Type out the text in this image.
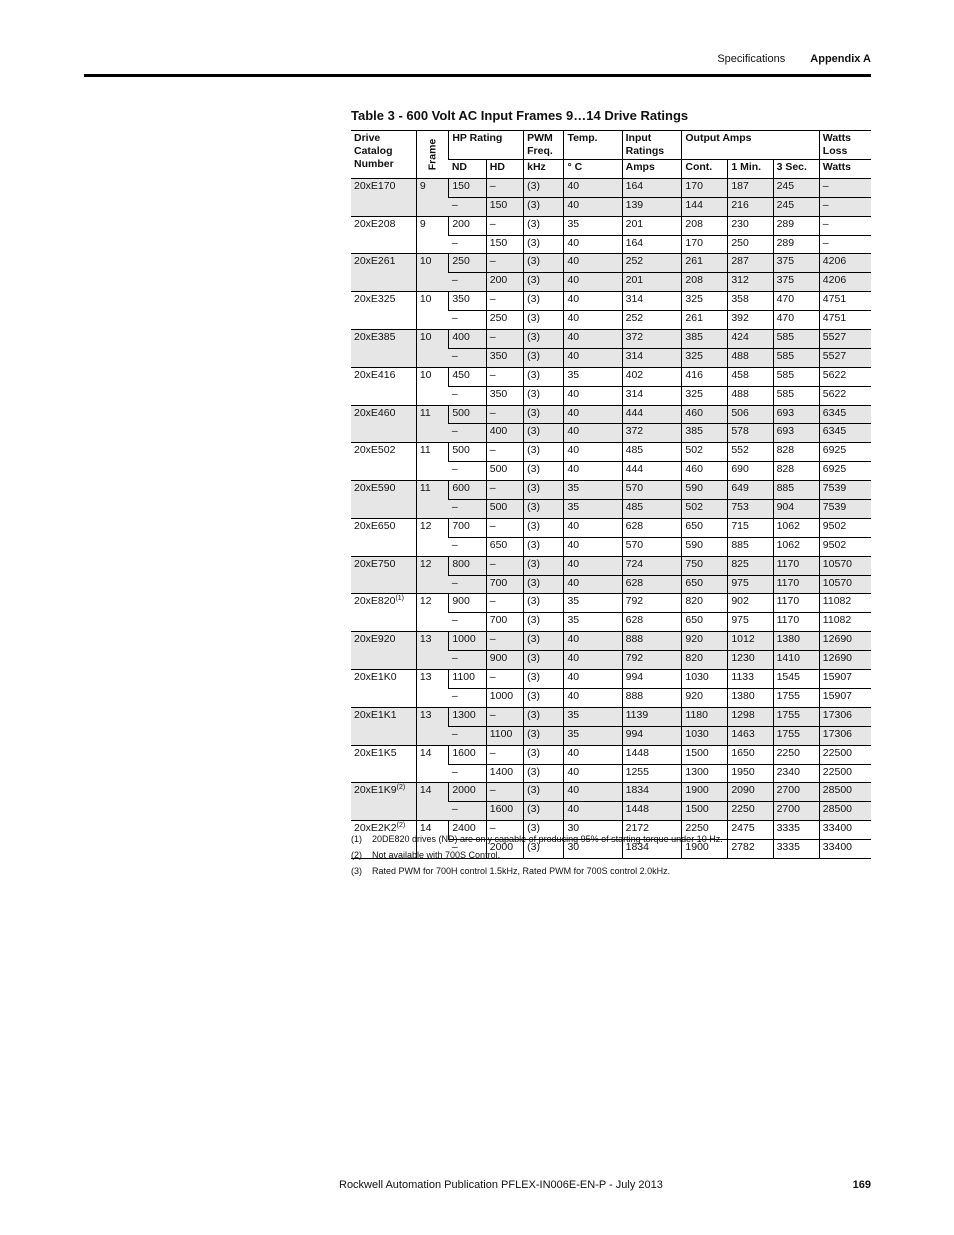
Specifications Appendix A
Table 3 - 600 Volt AC Input Frames 9…14 Drive Ratings
Drive Catalog Number	Frame	HP Rating		PWM Freq.	Temp.	Input Ratings	Output Amps			Watts Loss
		ND	HD	kHz	° C	Amps	Cont.	1 Min.	3 Sec.	Watts
20xE170	9	150	–	(3)	40	164	170	187	245	–
		–	150	(3)	40	139	144	216	245	–
20xE208	9	200	–	(3)	35	201	208	230	289	–
		–	150	(3)	40	164	170	250	289	–
20xE261	10	250	–	(3)	40	252	261	287	375	4206
		–	200	(3)	40	201	208	312	375	4206
20xE325	10	350	–	(3)	40	314	325	358	470	4751
		–	250	(3)	40	252	261	392	470	4751
20xE385	10	400	–	(3)	40	372	385	424	585	5527
		–	350	(3)	40	314	325	488	585	5527
20xE416	10	450	–	(3)	35	402	416	458	585	5622
		–	350	(3)	40	314	325	488	585	5622
20xE460	11	500	–	(3)	40	444	460	506	693	6345
		–	400	(3)	40	372	385	578	693	6345
20xE502	11	500	–	(3)	40	485	502	552	828	6925
		–	500	(3)	40	444	460	690	828	6925
20xE590	11	600	–	(3)	35	570	590	649	885	7539
		–	500	(3)	35	485	502	753	904	7539
20xE650	12	700	–	(3)	40	628	650	715	1062	9502
		–	650	(3)	40	570	590	885	1062	9502
20xE750	12	800	–	(3)	40	724	750	825	1170	10570
		–	700	(3)	40	628	650	975	1170	10570
20xE820$^{(1)}$	12	900	–	(3)	35	792	820	902	1170	11082
		–	700	(3)	35	628	650	975	1170	11082
20xE920	13	1000	–	(3)	40	888	920	1012	1380	12690
		–	900	(3)	40	792	820	1230	1410	12690
20xE1K0	13	1100	–	(3)	40	994	1030	1133	1545	15907
		–	1000	(3)	40	888	920	1380	1755	15907
20xE1K1	13	1300	–	(3)	35	1139	1180	1298	1755	17306
		–	1100	(3)	35	994	1030	1463	1755	17306
20xE1K5	14	1600	–	(3)	40	1448	1500	1650	2250	22500
		–	1400	(3)	40	1255	1300	1950	2340	22500
20xE1K9$^{(2)}$	14	2000	–	(3)	40	1834	1900	2090	2700	28500
		–	1600	(3)	40	1448	1500	2250	2700	28500
20xE2K2$^{(2)}$	14	2400	–	(3)	30	2172	2250	2475	3335	33400
		–	2000	(3)	30	1834	1900	2782	3335	33400
(1) 20DE820 drives (ND) are only capable of producing 95% of starting torque under 10 Hz.
(2) Not available with 700S Control.
(3) Rated PWM for 700H control 1.5kHz, Rated PWM for 700S control 2.0kHz.
Rockwell Automation Publication PFLEX-IN006E-EN-P - July 2013	169
